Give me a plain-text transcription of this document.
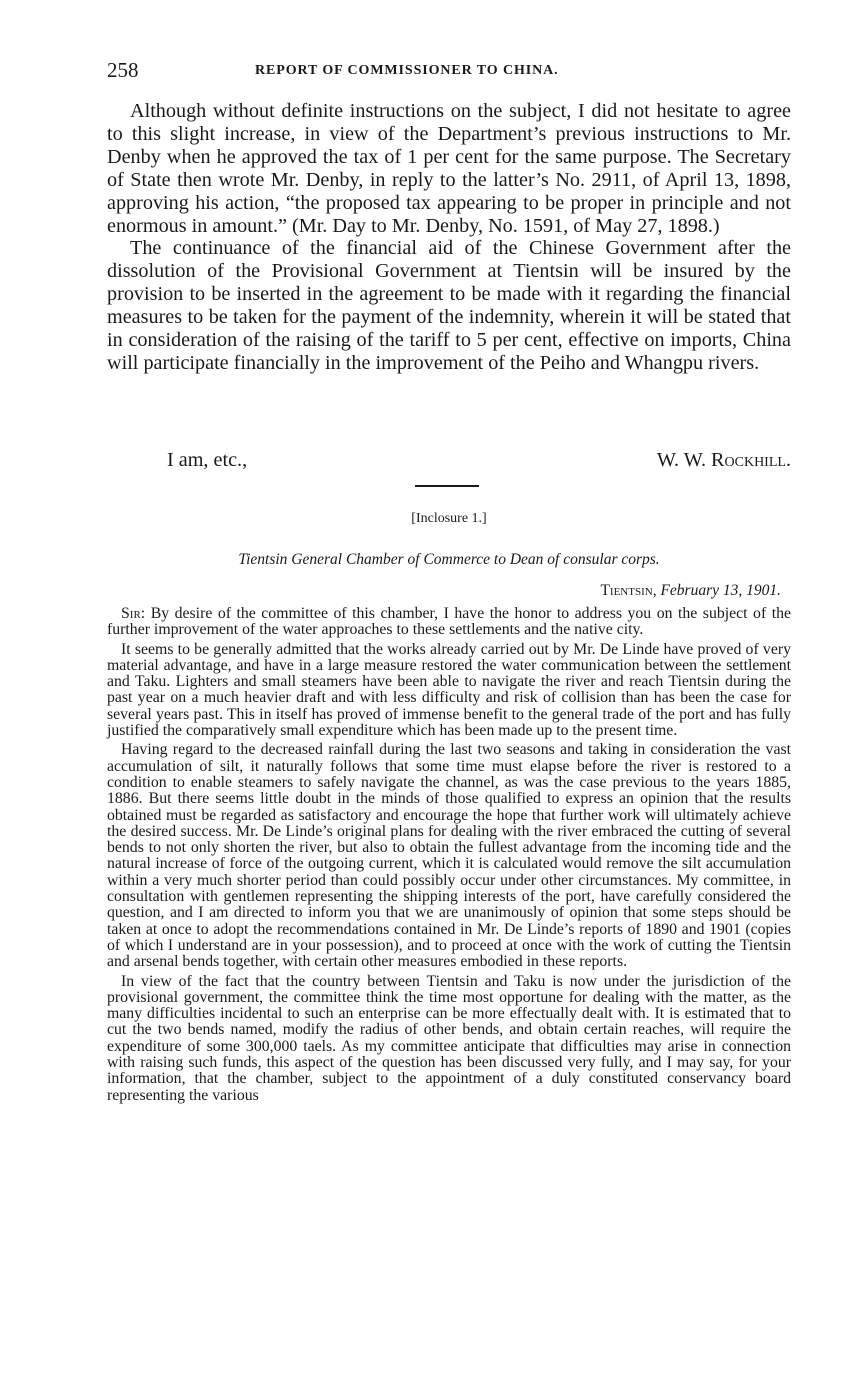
258	REPORT OF COMMISSIONER TO CHINA.

Although without definite instructions on the subject, I did not hesitate to agree to this slight increase, in view of the Department’s previous instructions to Mr. Denby when he approved the tax of 1 per cent for the same purpose. The Secretary of State then wrote Mr. Denby, in reply to the latter’s No. 2911, of April 13, 1898, approving his action, “the proposed tax appearing to be proper in principle and not enormous in amount.” (Mr. Day to Mr. Denby, No. 1591, of May 27, 1898.)

The continuance of the financial aid of the Chinese Government after the dissolution of the Provisional Government at Tientsin will be insured by the provision to be inserted in the agreement to be made with it regarding the financial measures to be taken for the payment of the indemnity, wherein it will be stated that in consideration of the raising of the tariff to 5 per cent, effective on imports, China will participate financially in the improvement of the Peiho and Whangpu rivers.

I am, etc.,	W. W. Rockhill.
[Inclosure 1.]
Tientsin General Chamber of Commerce to Dean of consular corps.
Tientsin, February 13, 1901.

Sir: By desire of the committee of this chamber, I have the honor to address you on the subject of the further improvement of the water approaches to these settlements and the native city.

It seems to be generally admitted that the works already carried out by Mr. De Linde have proved of very material advantage, and have in a large measure restored the water communication between the settlement and Taku. Lighters and small steamers have been able to navigate the river and reach Tientsin during the past year on a much heavier draft and with less difficulty and risk of collision than has been the case for several years past. This in itself has proved of immense benefit to the general trade of the port and has fully justified the comparatively small expenditure which has been made up to the present time.

Having regard to the decreased rainfall during the last two seasons and taking in consideration the vast accumulation of silt, it naturally follows that some time must elapse before the river is restored to a condition to enable steamers to safely navigate the channel, as was the case previous to the years 1885, 1886. But there seems little doubt in the minds of those qualified to express an opinion that the results obtained must be regarded as satisfactory and encourage the hope that further work will ultimately achieve the desired success. Mr. De Linde’s original plans for dealing with the river embraced the cutting of several bends to not only shorten the river, but also to obtain the fullest advantage from the incoming tide and the natural increase of force of the outgoing current, which it is calculated would remove the silt accumulation within a very much shorter period than could possibly occur under other circumstances. My committee, in consultation with gentlemen representing the shipping interests of the port, have carefully considered the question, and I am directed to inform you that we are unanimously of opinion that some steps should be taken at once to adopt the recommendations contained in Mr. De Linde’s reports of 1890 and 1901 (copies of which I understand are in your possession), and to proceed at once with the work of cutting the Tientsin and arsenal bends together, with certain other measures embodied in these reports.

In view of the fact that the country between Tientsin and Taku is now under the jurisdiction of the provisional government, the committee think the time most opportune for dealing with the matter, as the many difficulties incidental to such an enterprise can be more effectually dealt with. It is estimated that to cut the two bends named, modify the radius of other bends, and obtain certain reaches, will require the expenditure of some 300,000 taels. As my committee anticipate that difficulties may arise in connection with raising such funds, this aspect of the question has been discussed very fully, and I may say, for your information, that the chamber, subject to the appointment of a duly constituted conservancy board representing the various
